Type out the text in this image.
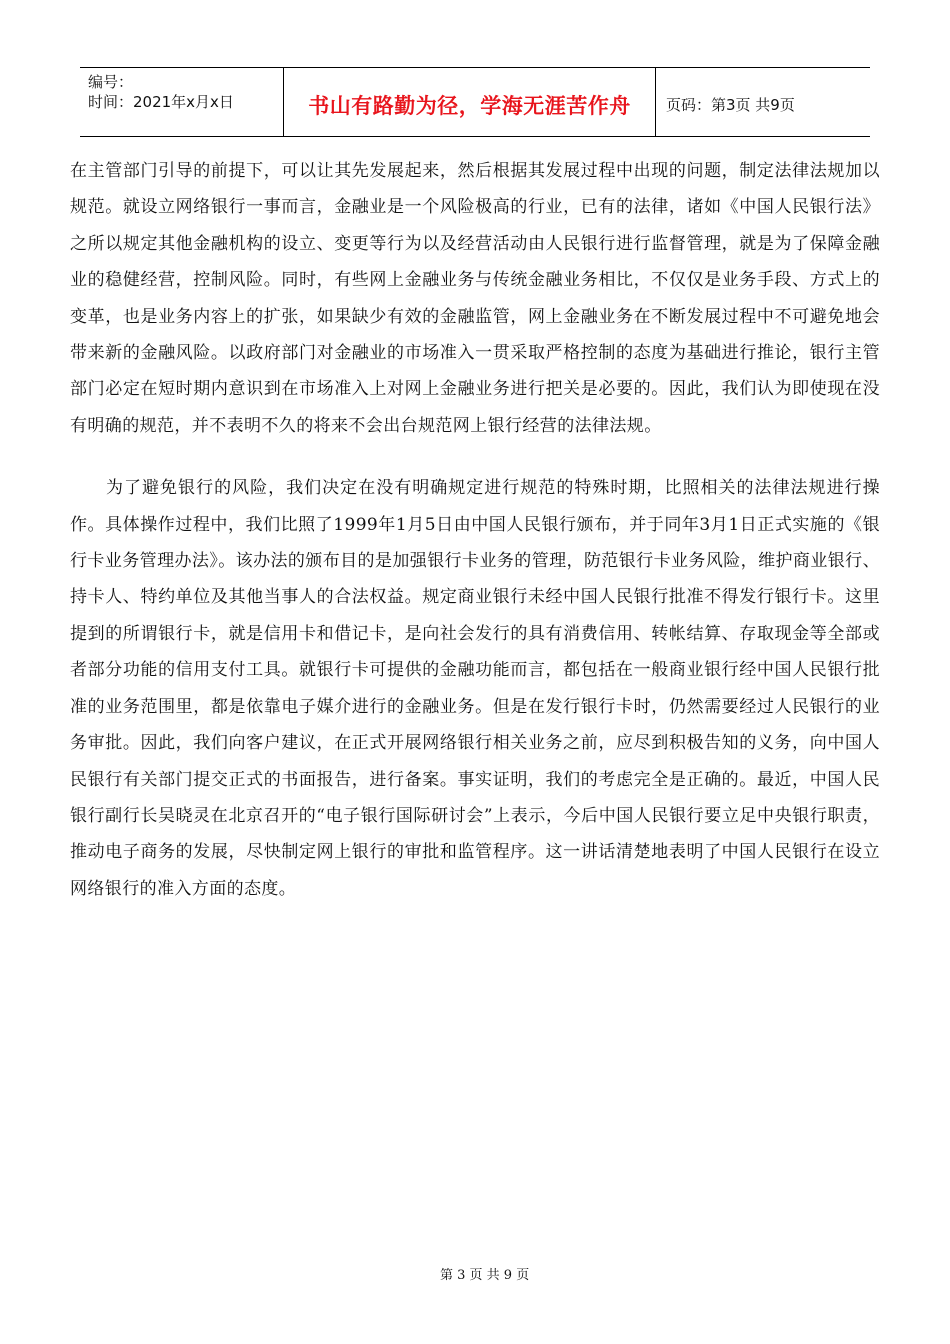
编号：
时间：2021年x月x日	书山有路勤为径，学海无涯苦作舟	页码：第3页 共9页

在主管部门引导的前提下，可以让其先发展起来，然后根据其发展过程中出现的问题，制定法律法规加以规范。就设立网络银行一事而言，金融业是一个风险极高的行业，已有的法律，诸如《中国人民银行法》之所以规定其他金融机构的设立、变更等行为以及经营活动由人民银行进行监督管理，就是为了保障金融业的稳健经营，控制风险。同时，有些网上金融业务与传统金融业务相比，不仅仅是业务手段、方式上的变革，也是业务内容上的扩张，如果缺少有效的金融监管，网上金融业务在不断发展过程中不可避免地会带来新的金融风险。以政府部门对金融业的市场准入一贯采取严格控制的态度为基础进行推论，银行主管部门必定在短时期内意识到在市场准入上对网上金融业务进行把关是必要的。因此，我们认为即使现在没有明确的规范，并不表明不久的将来不会出台规范网上银行经营的法律法规。

为了避免银行的风险，我们决定在没有明确规定进行规范的特殊时期，比照相关的法律法规进行操作。具体操作过程中，我们比照了1999年1月5日由中国人民银行颁布，并于同年3月1日正式实施的《银行卡业务管理办法》。该办法的颁布目的是加强银行卡业务的管理，防范银行卡业务风险，维护商业银行、持卡人、特约单位及其他当事人的合法权益。规定商业银行未经中国人民银行批准不得发行银行卡。这里提到的所谓银行卡，就是信用卡和借记卡，是向社会发行的具有消费信用、转帐结算、存取现金等全部或者部分功能的信用支付工具。就银行卡可提供的金融功能而言，都包括在一般商业银行经中国人民银行批准的业务范围里，都是依靠电子媒介进行的金融业务。但是在发行银行卡时，仍然需要经过人民银行的业务审批。因此，我们向客户建议，在正式开展网络银行相关业务之前，应尽到积极告知的义务，向中国人民银行有关部门提交正式的书面报告，进行备案。事实证明，我们的考虑完全是正确的。最近，中国人民银行副行长吴晓灵在北京召开的“电子银行国际研讨会”上表示，今后中国人民银行要立足中央银行职责，推动电子商务的发展，尽快制定网上银行的审批和监管程序。这一讲话清楚地表明了中国人民银行在设立网络银行的准入方面的态度。

第 3 页 共 9 页
